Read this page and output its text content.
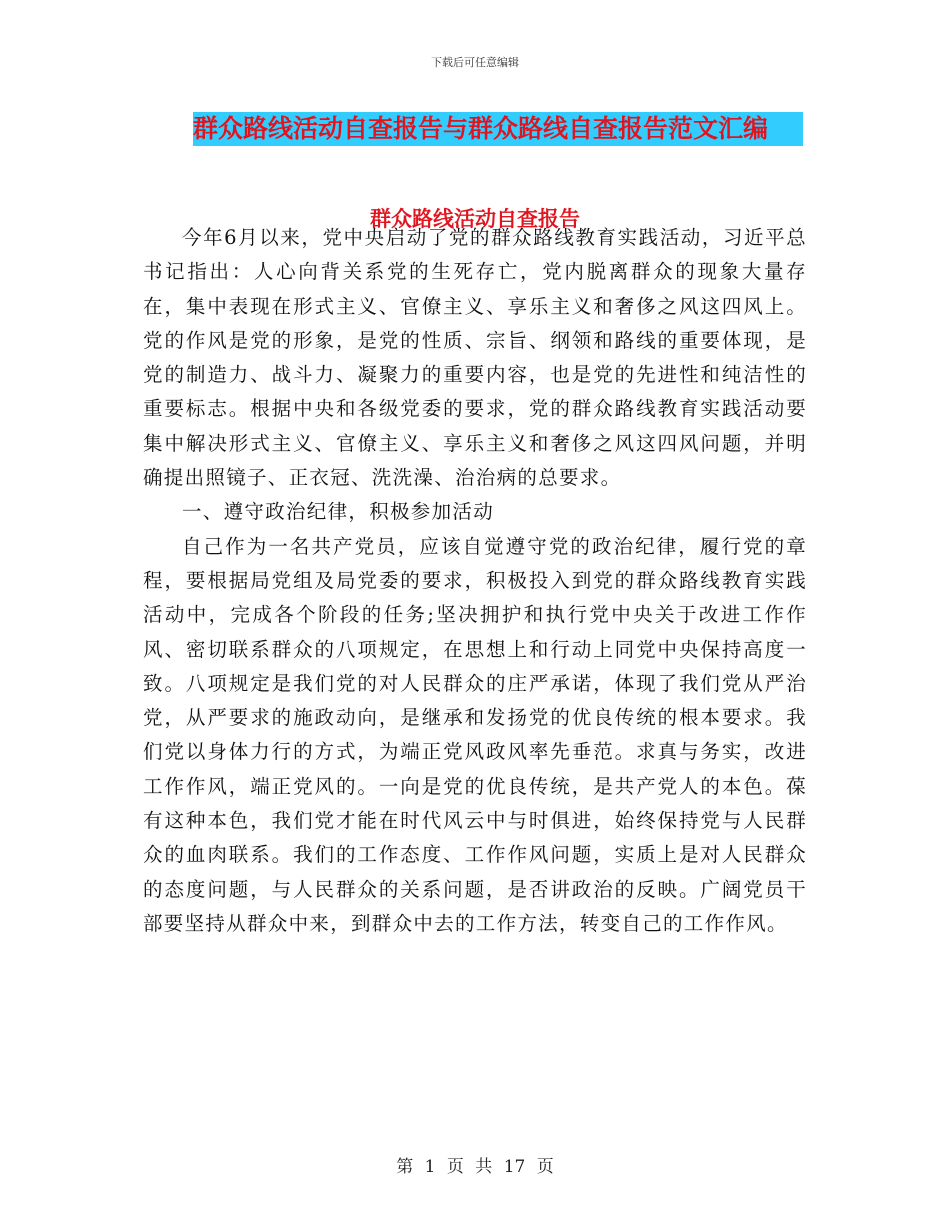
下载后可任意编辑
群众路线活动自查报告与群众路线自查报告范文汇编
群众路线活动自查报告

今年6月以来，党中央启动了党的群众路线教育实践活动，习近平总书记指出：人心向背关系党的生死存亡，党内脱离群众的现象大量存在，集中表现在形式主义、官僚主义、享乐主义和奢侈之风这四风上。党的作风是党的形象，是党的性质、宗旨、纲领和路线的重要体现，是党的制造力、战斗力、凝聚力的重要内容，也是党的先进性和纯洁性的重要标志。根据中央和各级党委的要求，党的群众路线教育实践活动要集中解决形式主义、官僚主义、享乐主义和奢侈之风这四风问题，并明确提出照镜子、正衣冠、洗洗澡、治治病的总要求。

一、遵守政治纪律，积极参加活动

自己作为一名共产党员，应该自觉遵守党的政治纪律，履行党的章程，要根据局党组及局党委的要求，积极投入到党的群众路线教育实践活动中，完成各个阶段的任务;坚决拥护和执行党中央关于改进工作作风、密切联系群众的八项规定，在思想上和行动上同党中央保持高度一致。八项规定是我们党的对人民群众的庄严承诺，体现了我们党从严治党，从严要求的施政动向，是继承和发扬党的优良传统的根本要求。我们党以身体力行的方式，为端正党风政风率先垂范。求真与务实，改进工作作风，端正党风的。一向是党的优良传统，是共产党人的本色。葆有这种本色，我们党才能在时代风云中与时俱进，始终保持党与人民群众的血肉联系。我们的工作态度、工作作风问题，实质上是对人民群众的态度问题，与人民群众的关系问题，是否讲政治的反映。广阔党员干部要坚持从群众中来，到群众中去的工作方法，转变自己的工作作风。

第 1 页 共 17 页
